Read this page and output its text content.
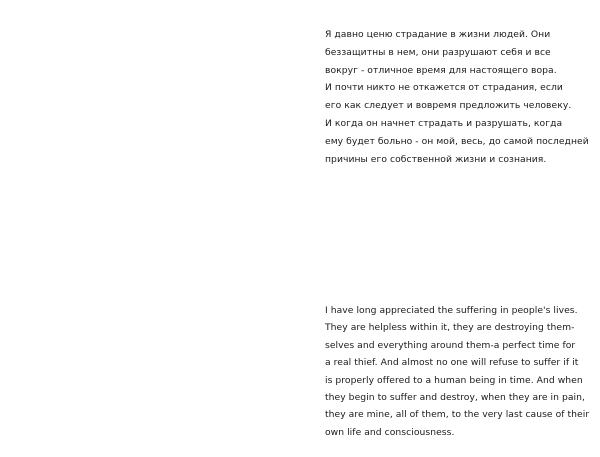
Я давно ценю страдание в жизни людей. Они
беззащитны в нем, они разрушают себя и все
вокруг - отличное время для настоящего вора.
И почти никто не откажется от страдания, если
его как следует и вовремя предложить человеку.
И когда он начнет страдать и разрушать, когда
ему будет больно - он мой, весь, до самой последней
причины его собственной жизни и сознания.

I have long appreciated the suffering in people's lives.
They are helpless within it, they are destroying them-
selves and everything around them-a perfect time for
a real thief. And almost no one will refuse to suffer if it
is properly offered to a human being in time. And when
they begin to suffer and destroy, when they are in pain,
they are mine, all of them, to the very last cause of their
own life and consciousness.
